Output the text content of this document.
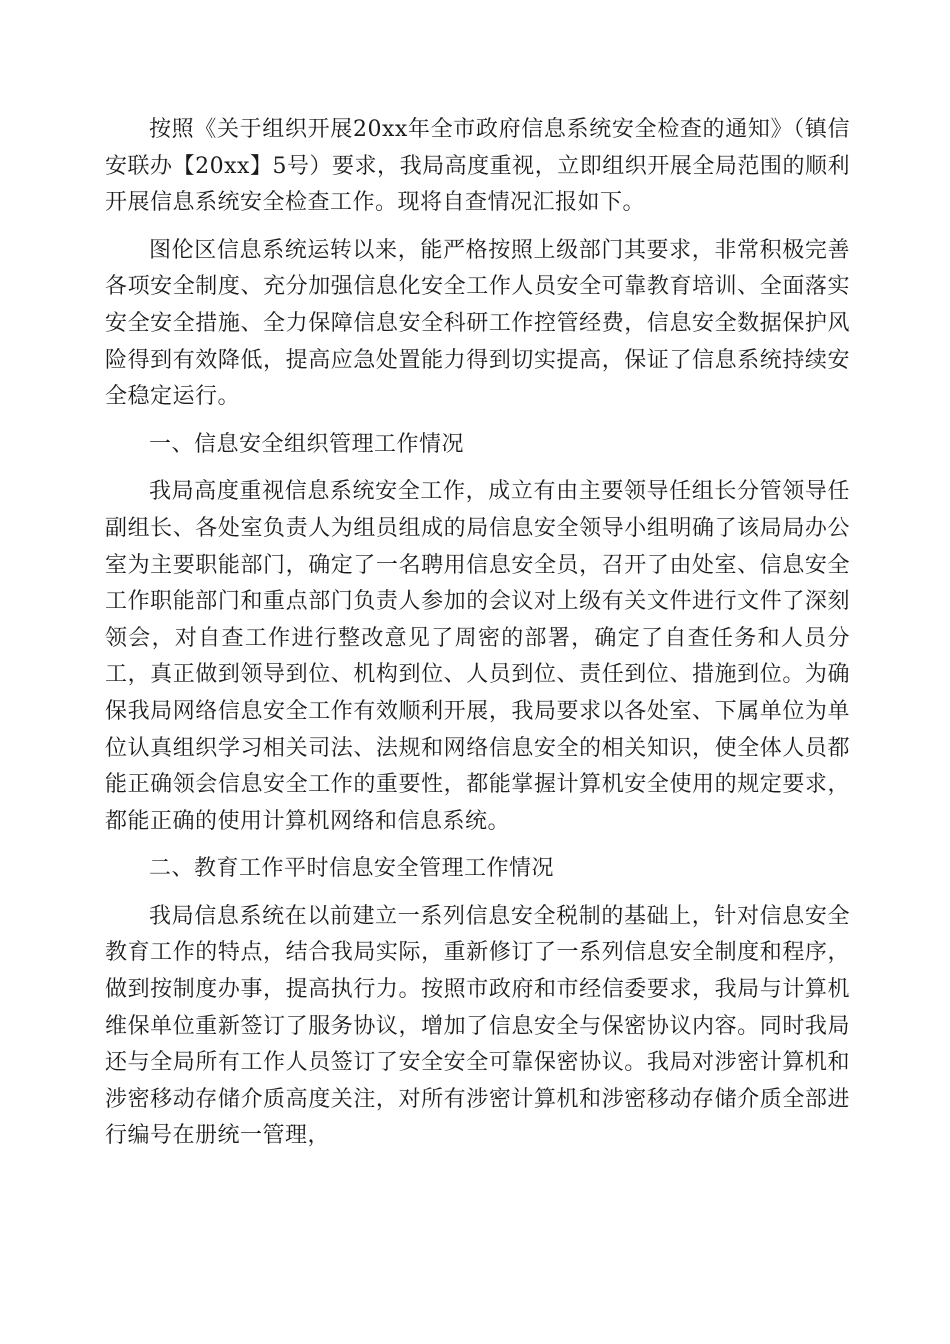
按照《关于组织开展20xx年全市政府信息系统安全检查的通知》（镇信安联办【20xx】5号）要求，我局高度重视，立即组织开展全局范围的顺利开展信息系统安全检查工作。现将自查情况汇报如下。

图伦区信息系统运转以来，能严格按照上级部门其要求，非常积极完善各项安全制度、充分加强信息化安全工作人员安全可靠教育培训、全面落实安全安全措施、全力保障信息安全科研工作控管经费，信息安全数据保护风险得到有效降低，提高应急处置能力得到切实提高，保证了信息系统持续安全稳定运行。

一、信息安全组织管理工作情况

我局高度重视信息系统安全工作，成立有由主要领导任组长分管领导任副组长、各处室负责人为组员组成的局信息安全领导小组明确了该局局办公室为主要职能部门，确定了一名聘用信息安全员，召开了由处室、信息安全工作职能部门和重点部门负责人参加的会议对上级有关文件进行文件了深刻领会，对自查工作进行整改意见了周密的部署，确定了自查任务和人员分工，真正做到领导到位、机构到位、人员到位、责任到位、措施到位。为确保我局网络信息安全工作有效顺利开展，我局要求以各处室、下属单位为单位认真组织学习相关司法、法规和网络信息安全的相关知识，使全体人员都能正确领会信息安全工作的重要性，都能掌握计算机安全使用的规定要求，都能正确的使用计算机网络和信息系统。

二、教育工作平时信息安全管理工作情况

我局信息系统在以前建立一系列信息安全税制的基础上，针对信息安全教育工作的特点，结合我局实际，重新修订了一系列信息安全制度和程序，做到按制度办事，提高执行力。按照市政府和市经信委要求，我局与计算机维保单位重新签订了服务协议，增加了信息安全与保密协议内容。同时我局还与全局所有工作人员签订了安全安全可靠保密协议。我局对涉密计算机和涉密移动存储介质高度关注，对所有涉密计算机和涉密移动存储介质全部进行编号在册统一管理，
